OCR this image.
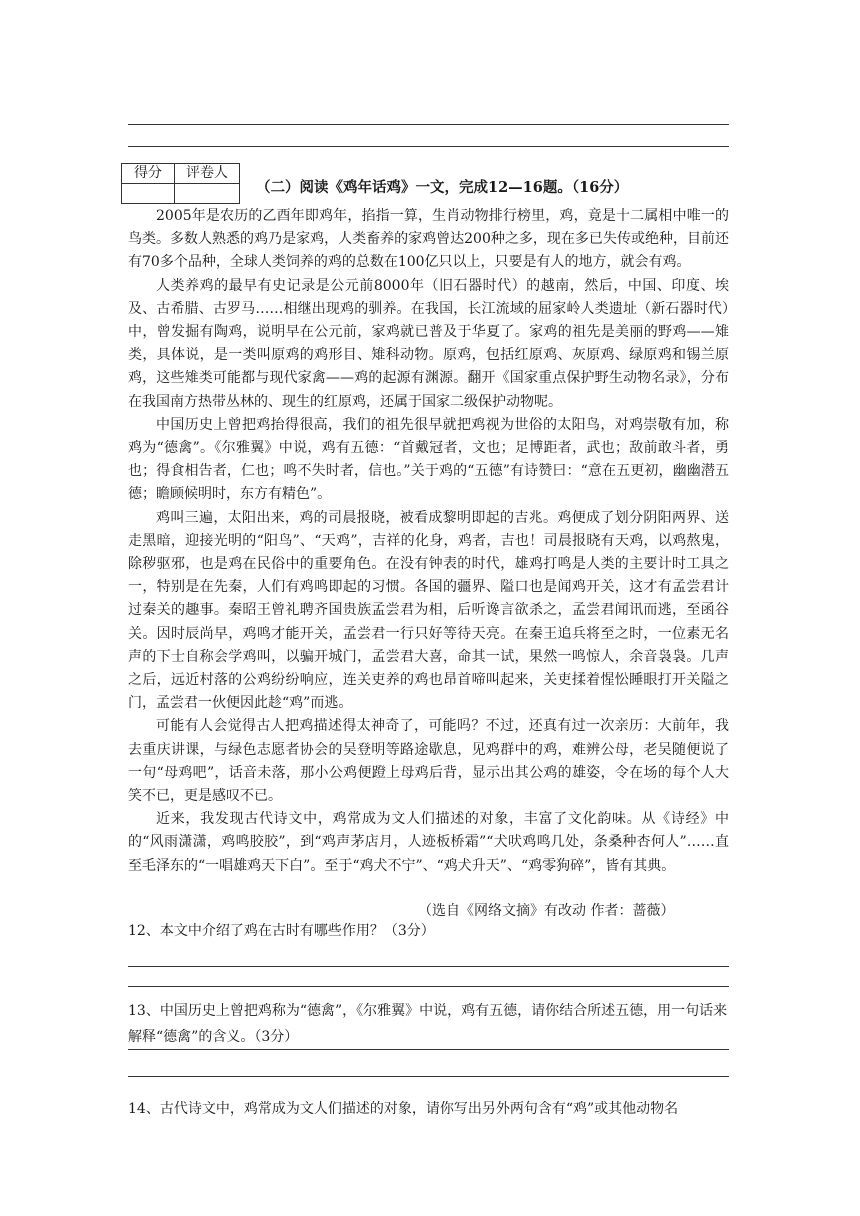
得分	评卷人

（二）阅读《鸡年话鸡》一文，完成12—16题。（16分）

2005年是农历的乙酉年即鸡年，掐指一算，生肖动物排行榜里，鸡，竟是十二属相中唯一的鸟类。多数人熟悉的鸡乃是家鸡，人类畜养的家鸡曾达200种之多，现在多已失传或绝种，目前还有70多个品种，全球人类饲养的鸡的总数在100亿只以上，只要是有人的地方，就会有鸡。

人类养鸡的最早有史记录是公元前8000年（旧石器时代）的越南，然后，中国、印度、埃及、古希腊、古罗马……相继出现鸡的驯养。在我国，长江流域的屈家岭人类遗址（新石器时代）中，曾发掘有陶鸡，说明早在公元前，家鸡就已普及于华夏了。家鸡的祖先是美丽的野鸡——雉类，具体说，是一类叫原鸡的鸡形目、雉科动物。原鸡，包括红原鸡、灰原鸡、绿原鸡和锡兰原鸡，这些雉类可能都与现代家禽——鸡的起源有渊源。翻开《国家重点保护野生动物名录》，分布在我国南方热带丛林的、现生的红原鸡，还属于国家二级保护动物呢。

中国历史上曾把鸡抬得很高，我们的祖先很早就把鸡视为世俗的太阳鸟，对鸡崇敬有加，称鸡为“德禽”。《尔雅翼》中说，鸡有五德：“首戴冠者，文也；足博距者，武也；敌前敢斗者，勇也；得食相告者，仁也；鸣不失时者，信也。”关于鸡的“五德”有诗赞曰：“意在五更初，幽幽潜五德；瞻顾候明时，东方有精色”。

鸡叫三遍，太阳出来，鸡的司晨报晓，被看成黎明即起的吉兆。鸡便成了划分阴阳两界、送走黑暗，迎接光明的“阳鸟”、“天鸡”，吉祥的化身，鸡者，吉也！司晨报晓有天鸡，以鸡熬鬼，除秽驱邪，也是鸡在民俗中的重要角色。在没有钟表的时代，雄鸡打鸣是人类的主要计时工具之一，特别是在先秦，人们有鸡鸣即起的习惯。各国的疆界、隘口也是闻鸡开关，这才有孟尝君计过秦关的趣事。秦昭王曾礼聘齐国贵族孟尝君为相，后听谗言欲杀之，孟尝君闻讯而逃，至函谷关。因时辰尚早，鸡鸣才能开关，孟尝君一行只好等待天亮。在秦王追兵将至之时，一位素无名声的下士自称会学鸡叫，以骗开城门，孟尝君大喜，命其一试，果然一鸣惊人，余音袅袅。几声之后，远近村落的公鸡纷纷响应，连关吏养的鸡也昂首啼叫起来，关吏揉着惺忪睡眼打开关隘之门，孟尝君一伙便因此趁“鸡”而逃。

可能有人会觉得古人把鸡描述得太神奇了，可能吗？不过，还真有过一次亲历：大前年，我去重庆讲课，与绿色志愿者协会的吴登明等路途歇息，见鸡群中的鸡，难辨公母，老吴随便说了一句“母鸡吧”，话音未落，那小公鸡便蹬上母鸡后背，显示出其公鸡的雄姿，令在场的每个人大笑不已，更是感叹不已。

近来，我发现古代诗文中，鸡常成为文人们描述的对象，丰富了文化韵味。从《诗经》中的“风雨潇潇，鸡鸣胶胶”，到“鸡声茅店月，人迹板桥霜”“犬吠鸡鸣几处，条桑种杏何人”……直至毛泽东的“一唱雄鸡天下白”。至于“鸡犬不宁”、“鸡犬升天”、“鸡零狗碎”，皆有其典。

（选自《网络文摘》有改动 作者：蔷薇）
12、本文中介绍了鸡在古时有哪些作用？（3分）
13、中国历史上曾把鸡称为“德禽”，《尔雅翼》中说，鸡有五德，请你结合所述五德，用一句话来解释“德禽”的含义。（3分）
14、古代诗文中，鸡常成为文人们描述的对象，请你写出另外两句含有“鸡”或其他动物名
